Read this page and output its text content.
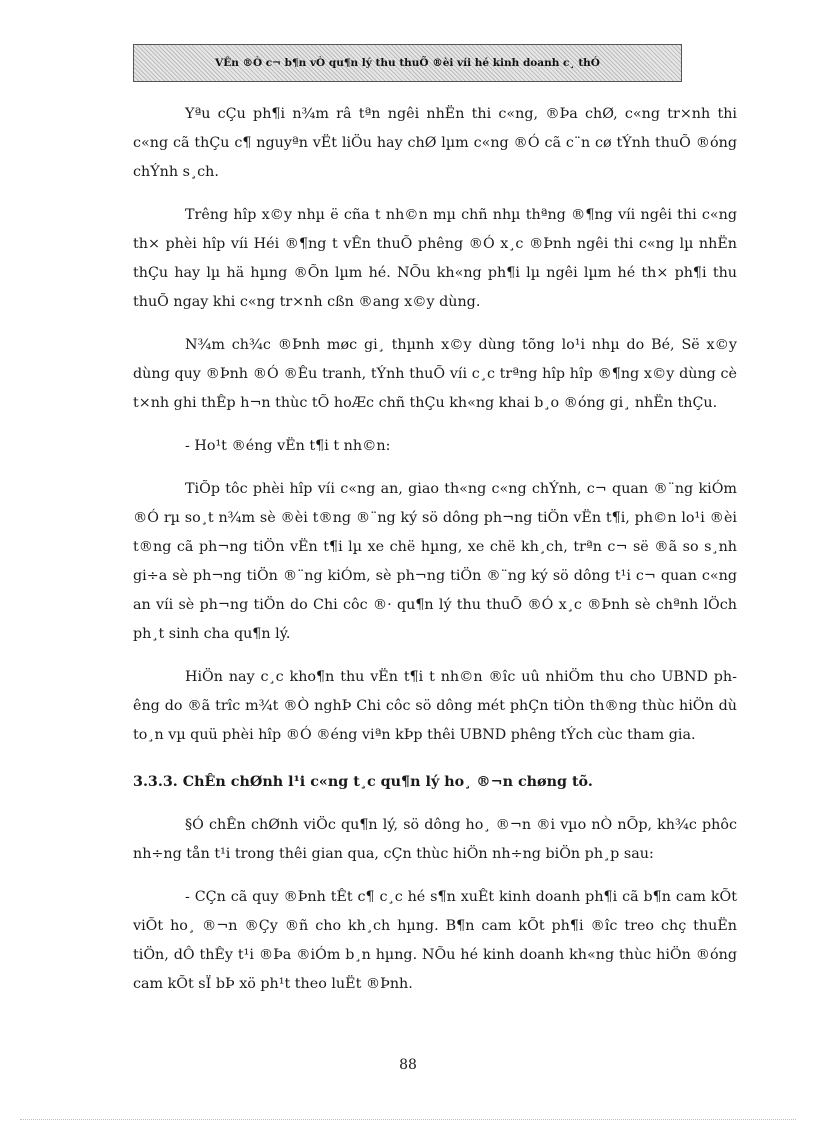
VÊn ®Ò c¬ b¶n vÒ qu¶n lý thu thuÕ ®èi víi hé kinh doanh c¸ thÓ

Yªu cÇu ph¶i n¾m râ tªn ngêi nhËn thi c«ng, ®Þa chØ, c«ng tr×nh thi c«ng cã thÇu c¶ nguyªn vËt liÖu hay chØ lµm c«ng ®Ó cã c¨n cø tÝnh thuÕ ®óng chÝnh s¸ch.

Trêng hîp x©y nhµ ë cña t nh©n mµ chñ nhµ thªng ®¶ng víi ngêi thi c«ng th× phèi hîp víi Héi ®¶ng t vÊn thuÕ phêng ®Ó x¸c ®Þnh ngêi thi c«ng lµ nhËn thÇu hay lµ hä hµng ®Õn lµm hé. NÕu kh«ng ph¶i lµ ngêi lµm hé th× ph¶i thu thuÕ ngay khi c«ng tr×nh cßn ®ang x©y dùng.

N¾m ch¾c ®Þnh møc gi¸ thµnh x©y dùng tõng lo¹i nhµ do Bé, Së x©y dùng quy ®Þnh ®Ó ®Êu tranh, tÝnh thuÕ víi c¸c trªng hîp hîp ®¶ng x©y dùng cè t×nh ghi thÊp h¬n thùc tÕ hoÆc chñ thÇu kh«ng khai b¸o ®óng gi¸ nhËn thÇu.

- Ho¹t ®éng vËn t¶i t nh©n:

TiÕp tôc phèi hîp víi c«ng an, giao th«ng c«ng chÝnh, c¬ quan ®¨ng kiÓm ®Ó rµ so¸t n¾m sè ®èi t®ng ®¨ng ký sö dông ph¬ng tiÖn vËn t¶i, ph©n lo¹i ®èi t®ng cã ph¬ng tiÖn vËn t¶i lµ xe chë hµng, xe chë kh¸ch, trªn c¬ së ®ã so s¸nh gi÷a sè ph¬ng tiÖn ®¨ng kiÓm, sè ph¬ng tiÖn ®¨ng ký sö dông t¹i c¬ quan c«ng an víi sè ph¬ng tiÖn do Chi côc ®· qu¶n lý thu thuÕ ®Ó x¸c ®Þnh sè chªnh lÖch ph¸t sinh cha qu¶n lý.

HiÖn nay c¸c kho¶n thu vËn t¶i t nh©n ®îc uû nhiÖm thu cho UBND phêng do ®ã trîc m¾t ®Ò nghÞ Chi côc sö dông mét phÇn tiÒn th®ng thùc hiÖn dù to¸n vµ quü phèi hîp ®Ó ®éng viªn kÞp thêi UBND phêng tÝch cùc tham gia.

3.3.3. ChÊn chØnh l¹i c«ng t¸c qu¶n lý ho¸ ®¬n chøng tõ.

§Ó chÊn chØnh viÖc qu¶n lý, sö dông ho¸ ®¬n ®i vµo nÒ nÕp, kh¾c phôc nh÷ng tån t¹i trong thêi gian qua, cÇn thùc hiÖn nh÷ng biÖn ph¸p sau:

- CÇn cã quy ®Þnh tÊt c¶ c¸c hé s¶n xuÊt kinh doanh ph¶i cã b¶n cam kÕt viÕt ho¸ ®¬n ®Çy ®ñ cho kh¸ch hµng. B¶n cam kÕt ph¶i ®îc treo chç thuËn tiÖn, dÔ thÊy t¹i ®Þa ®iÓm b¸n hµng. NÕu hé kinh doanh kh«ng thùc hiÖn ®óng cam kÕt sÏ bÞ xö ph¹t theo luËt ®Þnh.

88
